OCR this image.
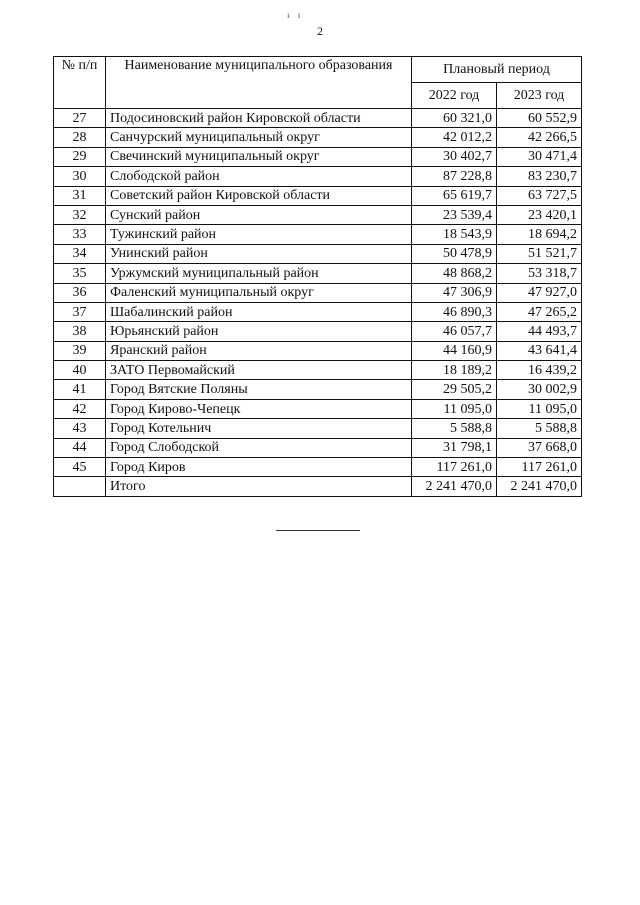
ı ı
2
№ п/п	Наименование муниципального образования	Плановый период	
		2022 год	2023 год
27	Подосиновский район Кировской области	60 321,0	60 552,9
28	Санчурский муниципальный округ	42 012,2	42 266,5
29	Свечинский муниципальный округ	30 402,7	30 471,4
30	Слободской район	87 228,8	83 230,7
31	Советский район Кировской области	65 619,7	63 727,5
32	Сунский район	23 539,4	23 420,1
33	Тужинский район	18 543,9	18 694,2
34	Унинский район	50 478,9	51 521,7
35	Уржумский муниципальный район	48 868,2	53 318,7
36	Фаленский муниципальный округ	47 306,9	47 927,0
37	Шабалинский район	46 890,3	47 265,2
38	Юрьянский район	46 057,7	44 493,7
39	Яранский район	44 160,9	43 641,4
40	ЗАТО Первомайский	18 189,2	16 439,2
41	Город Вятские Поляны	29 505,2	30 002,9
42	Город Кирово-Чепецк	11 095,0	11 095,0
43	Город Котельнич	5 588,8	5 588,8
44	Город Слободской	31 798,1	37 668,0
45	Город Киров	117 261,0	117 261,0
	Итого	2 241 470,0	2 241 470,0
